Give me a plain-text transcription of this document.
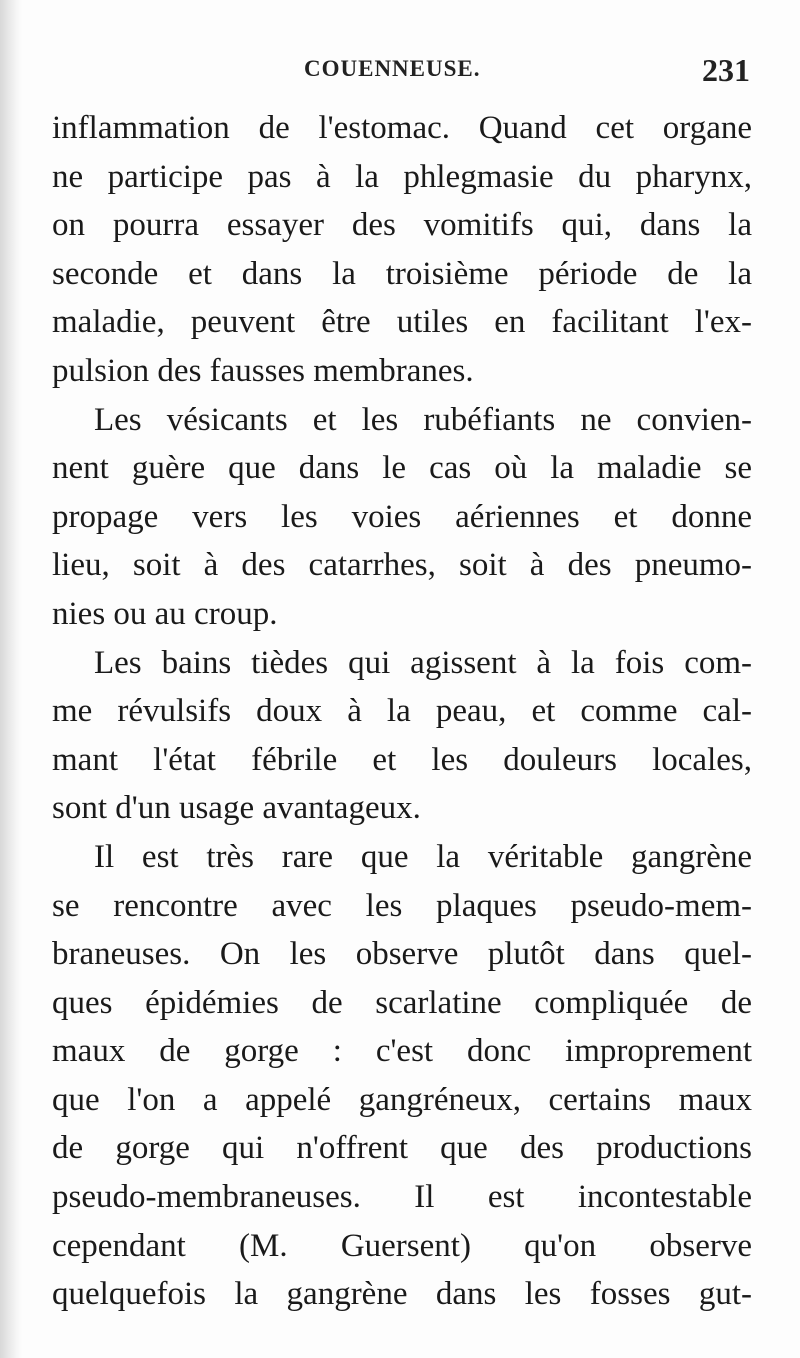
COUENNEUSE.	231
inflammation de l'estomac. Quand cet organe
ne participe pas à la phlegmasie du pharynx,
on pourra essayer des vomitifs qui, dans la
seconde et dans la troisième période de la
maladie, peuvent être utiles en facilitant l'ex-
pulsion des fausses membranes.
Les vésicants et les rubéfiants ne convien-
nent guère que dans le cas où la maladie se
propage vers les voies aériennes et donne
lieu, soit à des catarrhes, soit à des pneumo-
nies ou au croup.
Les bains tièdes qui agissent à la fois com-
me révulsifs doux à la peau, et comme cal-
mant l'état fébrile et les douleurs locales,
sont d'un usage avantageux.
Il est très rare que la véritable gangrène
se rencontre avec les plaques pseudo-mem-
braneuses. On les observe plutôt dans quel-
ques épidémies de scarlatine compliquée de
maux de gorge : c'est donc improprement
que l'on a appelé gangréneux, certains maux
de gorge qui n'offrent que des productions
pseudo-membraneuses. Il est incontestable
cependant (M. Guersent) qu'on observe
quelquefois la gangrène dans les fosses gut-
